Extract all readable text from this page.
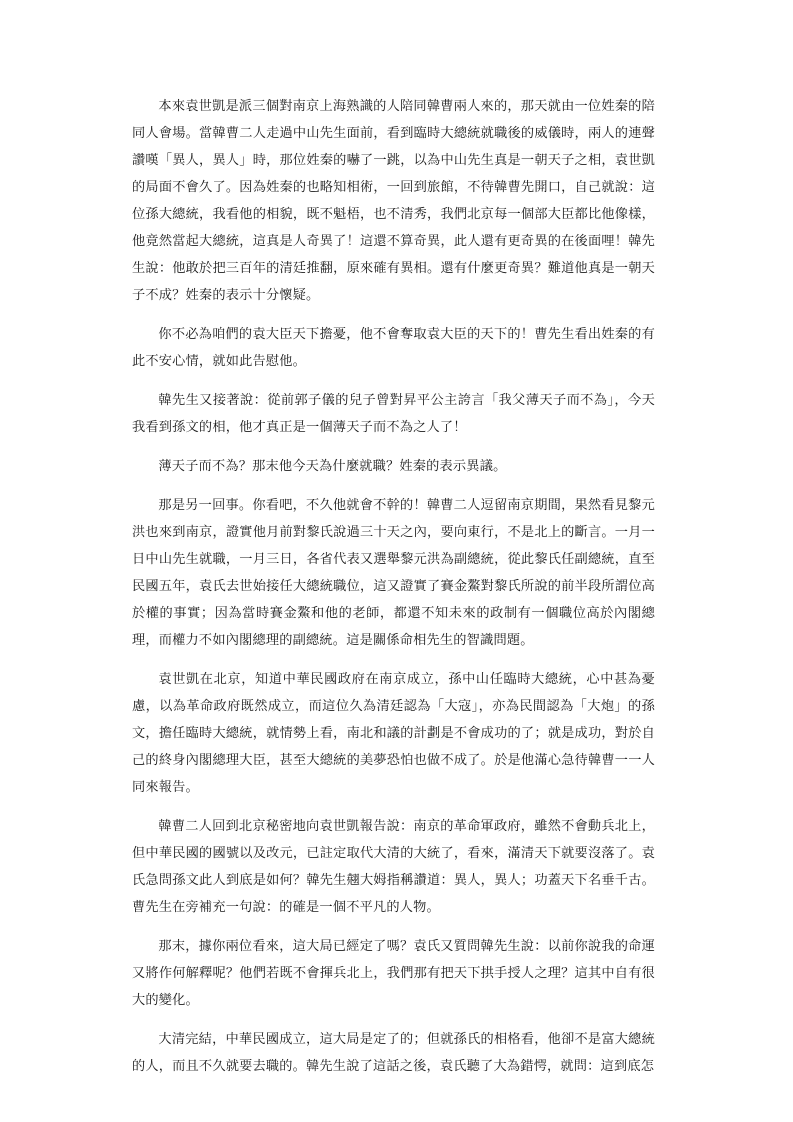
本來袁世凱是派三個對南京上海熟識的人陪同韓曹兩人來的，那天就由一位姓秦的陪同人會場。當韓曹二人走過中山先生面前，看到臨時大總統就職後的威儀時，兩人的連聲讚嘆「異人，異人」時，那位姓秦的嚇了一跳，以為中山先生真是一朝天子之相，袁世凱的局面不會久了。因為姓秦的也略知相術，一回到旅館，不待韓曹先開口，自己就說：這位孫大總統，我看他的相貌，既不魁梧，也不清秀，我們北京每一個部大臣都比他像樣，他竟然當起大總統，這真是人奇異了！這還不算奇異，此人還有更奇異的在後面哩！韓先生說：他敢於把三百年的清廷推翻，原來確有異相。還有什麼更奇異？難道他真是一朝天子不成？姓秦的表示十分懷疑。

你不必為咱們的袁大臣天下擔憂，他不會奪取袁大臣的天下的！曹先生看出姓秦的有此不安心情，就如此告慰他。

韓先生又接著說：從前郭子儀的兒子曾對昇平公主誇言「我父薄天子而不為」，今天我看到孫文的相，他才真正是一個薄天子而不為之人了！

薄天子而不為？那末他今天為什麼就職？姓秦的表示異議。

那是另一回事。你看吧，不久他就會不幹的！韓曹二人逗留南京期間，果然看見黎元洪也來到南京，證實他月前對黎氏說過三十天之內，要向東行，不是北上的斷言。一月一日中山先生就職，一月三日，各省代表又選舉黎元洪為副總統，從此黎氏任副總統，直至民國五年，袁氏去世始接任大總統職位，這又證實了賽金鰲對黎氏所說的前半段所謂位高於權的事實；因為當時賽金鰲和他的老師，都還不知未來的政制有一個職位高於內閣總理，而權力不如內閣總理的副總統。這是關係命相先生的智識問題。

袁世凱在北京，知道中華民國政府在南京成立，孫中山任臨時大總統，心中甚為憂慮，以為革命政府既然成立，而這位久為清廷認為「大寇」，亦為民間認為「大炮」的孫文，擔任臨時大總統，就情勢上看，南北和議的計劃是不會成功的了；就是成功，對於自己的終身內閣總理大臣，甚至大總統的美夢恐怕也做不成了。於是他滿心急待韓曹一一人同來報告。

韓曹二人回到北京秘密地向袁世凱報告說：南京的革命軍政府，雖然不會動兵北上，但中華民國的國號以及改元，已註定取代大清的大統了，看來，滿清天下就要沒落了。袁氏急問孫文此人到底是如何？韓先生翹大姆指稱讚道：異人，異人；功蓋天下名垂千古。曹先生在旁補充一句說：的確是一個不平凡的人物。

那末，據你兩位看來，這大局已經定了嗎？袁氏又質問韓先生說：以前你說我的命運又將作何解釋呢？他們若既不會揮兵北上，我們那有把天下拱手授人之理？這其中自有很大的變化。

大清完結，中華民國成立，這大局是定了的；但就孫氏的相格看，他卻不是富大總統的人，而且不久就要去職的。韓先生說了這話之後，袁氏聽了大為錯愕，就問：這到底怎
